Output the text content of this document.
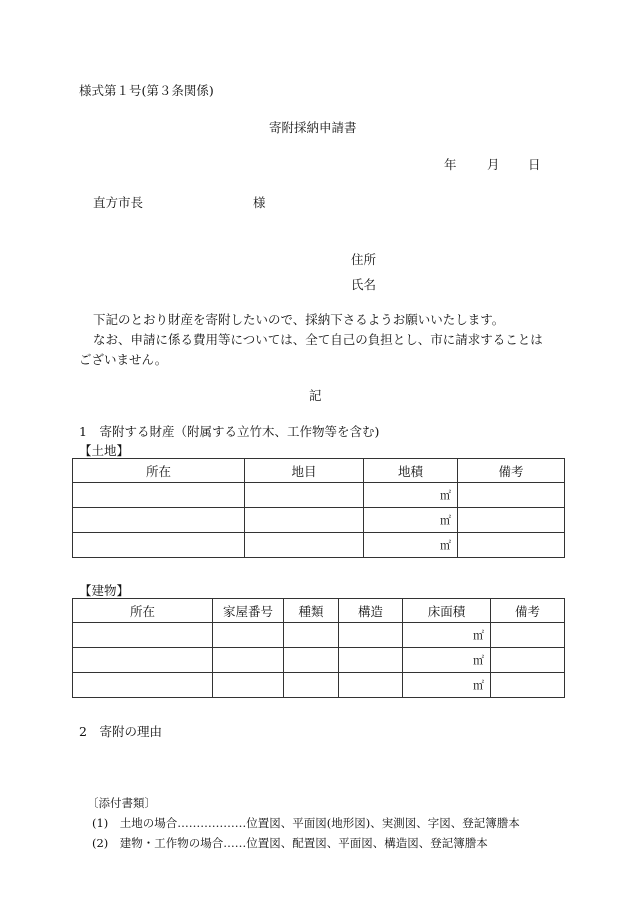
様式第１号(第３条関係)
寄附採納申請書
年 月 日
直方市長	様
住所
氏名
下記のとおり財産を寄附したいので、採納下さるようお願いいたします。
なお、申請に係る費用等については、全て自己の負担とし、市に請求することはございません。
記
1　寄附する財産（附属する立竹木、工作物等を含む)
【土地】
所在	地目	地積	備考
		㎡	
		㎡	
		㎡	
【建物】
所在	家屋番号	種類	構造	床面積	備考
				㎡	
				㎡	
				㎡	
2　寄附の理由
〔添付書類〕
(1)　土地の場合………………位置図、平面図(地形図)、実測図、字図、登記簿謄本
(2)　建物・工作物の場合……位置図、配置図、平面図、構造図、登記簿謄本
